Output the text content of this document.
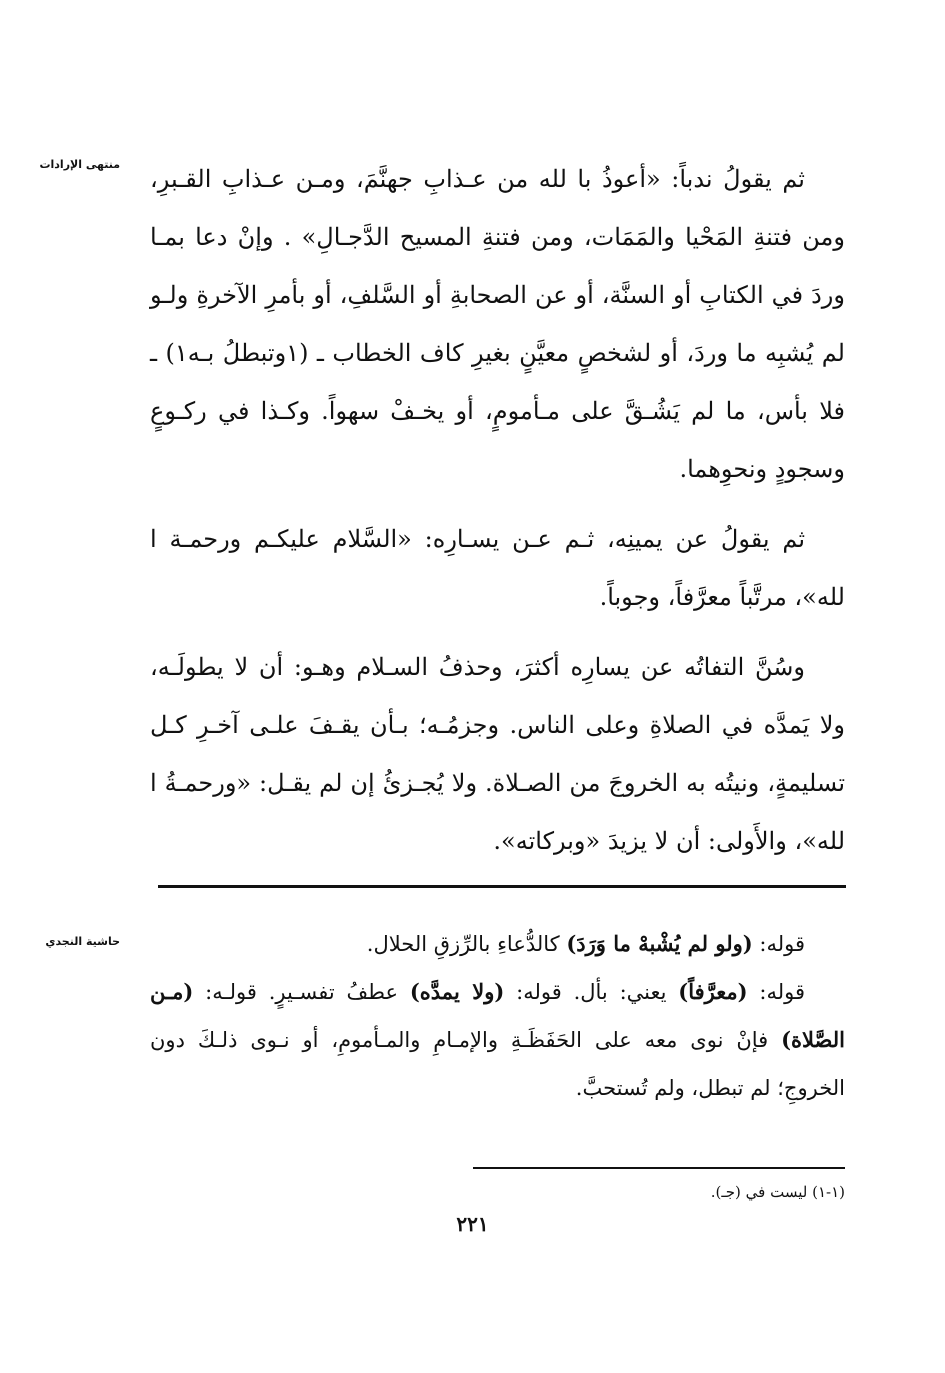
منتهى الإرادات

ثم يقولُ ندباً: «أعوذُ با لله من عـذابِ جهنَّمَ، ومـن عـذابِ القـبرِ، ومن فتنةِ المَحْيا والمَمَات، ومن فتنةِ المسيح الدَّجـالِ» . وإنْ دعا بمـا وردَ في الكتابِ أو السنَّة، أو عن الصحابةِ أو السَّلفِ، أو بأمرِ الآخرةِ ولـو لم يُشبِه ما وردَ، أو لشخصٍ معيَّنٍ بغيرِ كاف الخطاب ـ (١وتبطلُ بـه١) ـ فلا بأس، ما لم يَشُـقَّ على مـأمومٍ، أو يخـفْ سهواً. وكـذا في ركـوعٍ وسجودٍ ونحوِهما.

ثم يقولُ عن يمينِه، ثـم عـن يسـارِه: «السَّلام عليكـم ورحمـة ا لله»، مرتَّباً معرَّفاً، وجوباً.

وسُنَّ التفاتُه عن يسارِه أكثرَ، وحذفُ السـلام وهـو: أن لا يطولَـه، ولا يَمدَّه في الصلاةِ وعلى الناس. وجزمُـه؛ بـأن يقـفَ علـى آخـرِ كـل تسليمةٍ، ونيتُه به الخروجَ من الصـلاة. ولا يُجـزئُ إن لم يقـل: «ورحمـةُ ا لله»، والأَولى: أن لا يزيدَ «وبركاته».

حاشية النجدي	قوله: (ولو لم يُشْبهْ ما وَرَدَ) كالدُّعاءِ بالرِّزقِ الحلال.

قوله: (معرَّفاً) يعني: بأل. قوله: (ولا يمدَّه) عطفُ تفسـيرٍ. قولـه: (مـن الصَّلاة) فإنْ نوى معه على الحَفَظَـةِ والإمـامِ والمـأمومِ، أو نـوى ذلـكَ دون الخروجِ؛ لم تبطل، ولم تُستحبَّ.

(١-١) ليست في (جـ).
٢٢١
